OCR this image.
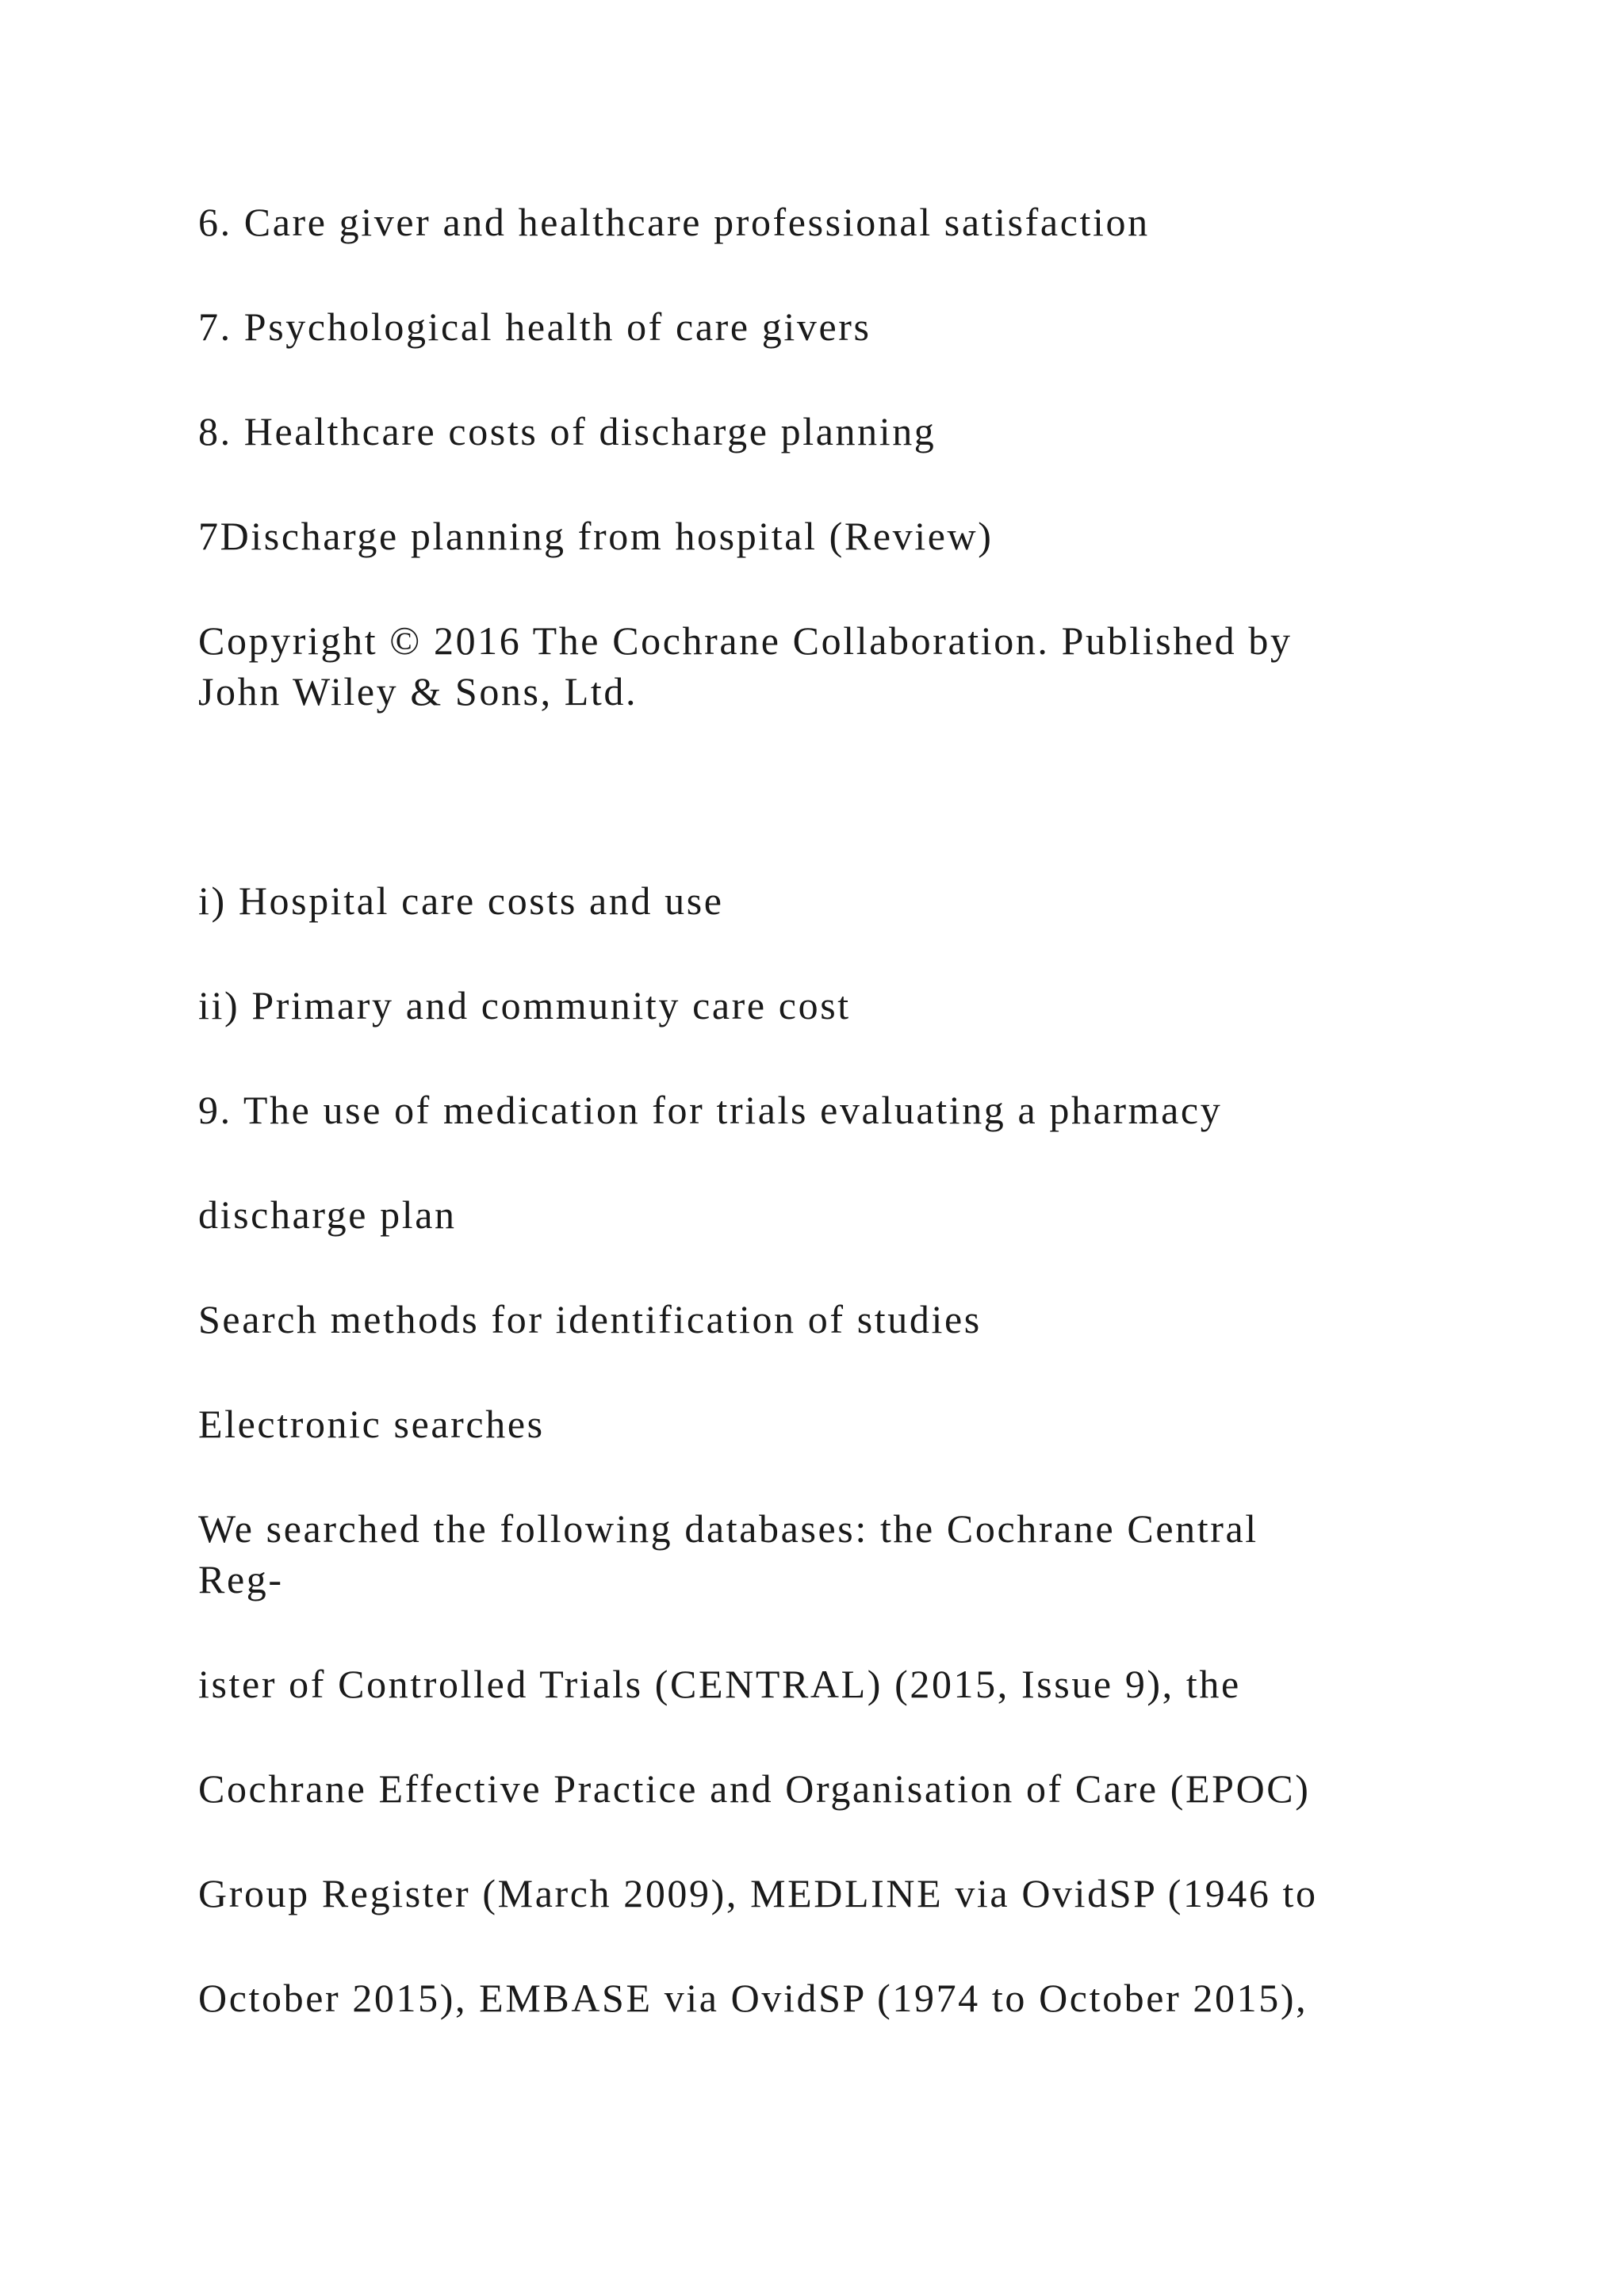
6. Care giver and healthcare professional satisfaction

7. Psychological health of care givers

8. Healthcare costs of discharge planning

7Discharge planning from hospital (Review)

Copyright © 2016 The Cochrane Collaboration. Published by

John Wiley & Sons, Ltd.

i) Hospital care costs and use

ii) Primary and community care cost

9. The use of medication for trials evaluating a pharmacy

discharge plan

Search methods for identification of studies

Electronic searches

We searched the following databases: the Cochrane Central

Reg-

ister of Controlled Trials (CENTRAL) (2015, Issue 9), the

Cochrane Effective Practice and Organisation of Care (EPOC)

Group Register (March 2009), MEDLINE via OvidSP (1946 to

October 2015), EMBASE via OvidSP (1974 to October 2015),
